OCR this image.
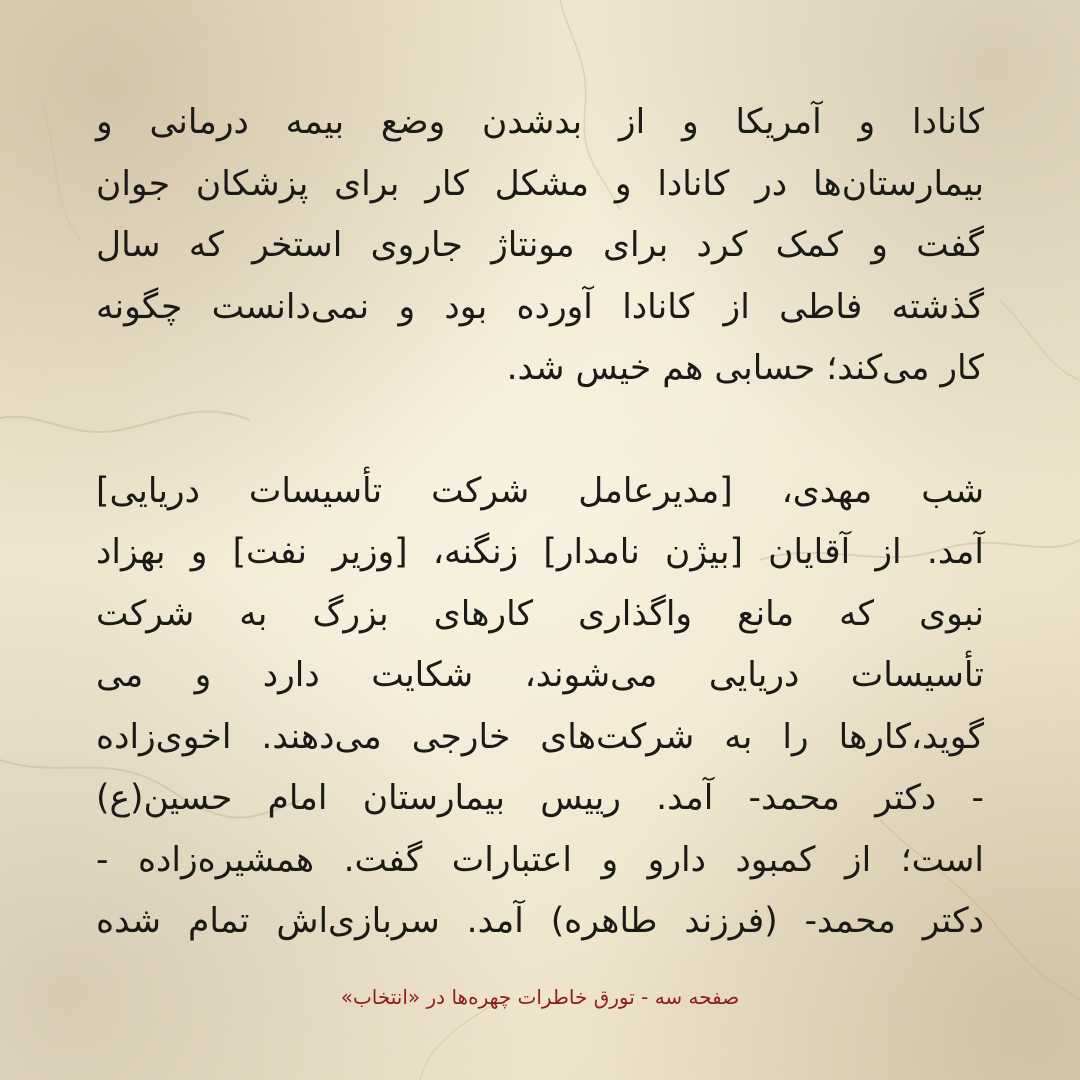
کانادا و آمریکا و از بدشدن وضع بیمه درمانی و
بیمارستان‌ها در کانادا و مشکل کار برای پزشکان جوان
گفت و کمک کرد برای مونتاژ جاروی استخر که سال
گذشته فاطی از کانادا آورده بود و نمی‌دانست چگونه
کار می‌کند؛ حسابی هم خیس شد.
شب مهدی، [مدیرعامل شرکت تأسیسات دریایی]
آمد. از آقایان [بیژن نامدار] زنگنه، [وزیر نفت] و بهزاد
نبوی که مانع واگذاری کارهای بزرگ به شرکت
تأسیسات دریایی می‌شوند، شکایت دارد و می
گوید،کارها را به شرکت‌های خارجی می‌دهند. اخوی‌زاده
- دکتر محمد- آمد. رییس بیمارستان امام حسین(ع)
است؛ از کمبود دارو و اعتبارات گفت. همشیره‌زاده -
دکتر محمد- (فرزند طاهره) آمد. سربازی‌اش تمام شده
صفحه سه - تورق خاطرات چهره‌ها در «انتخاب»
